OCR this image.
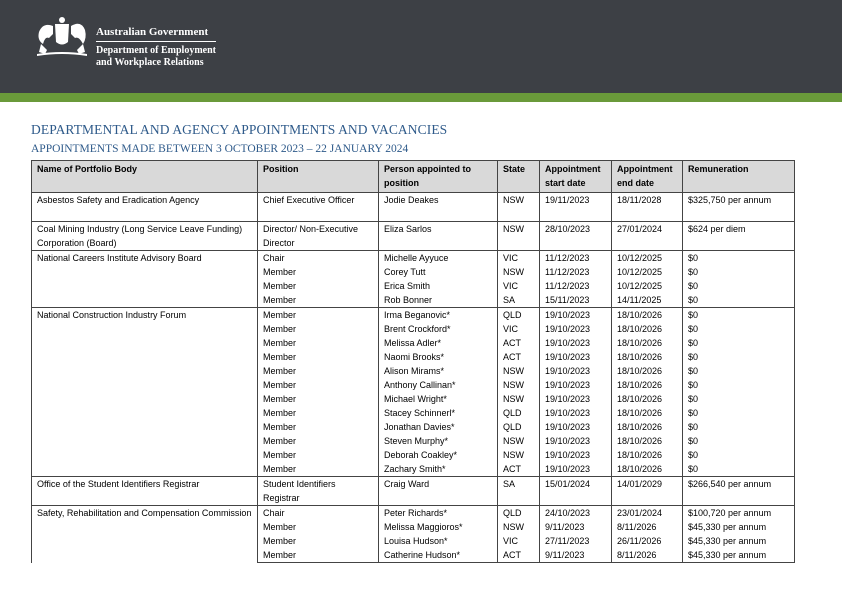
Australian Government
Department of Employment
and Workplace Relations
DEPARTMENTAL AND AGENCY APPOINTMENTS AND VACANCIES
APPOINTMENTS MADE BETWEEN 3 OCTOBER 2023 – 22 JANUARY 2024
Name of Portfolio Body	Position	Person appointed to position	State	Appointment start date	Appointment end date	Remuneration
Asbestos Safety and Eradication Agency	Chief Executive Officer	Jodie Deakes	NSW	19/11/2023	18/11/2028	$325,750 per annum
Coal Mining Industry (Long Service Leave Funding) Corporation (Board)	Director/ Non-Executive Director	Eliza Sarlos	NSW	28/10/2023	27/01/2024	$624 per diem
National Careers Institute Advisory Board	Chair	Michelle Ayyuce	VIC	11/12/2023	10/12/2025	$0
	Member	Corey Tutt	NSW	11/12/2023	10/12/2025	$0
	Member	Erica Smith	VIC	11/12/2023	10/12/2025	$0
	Member	Rob Bonner	SA	15/11/2023	14/11/2025	$0
National Construction Industry Forum	Member	Irma Beganovic*	QLD	19/10/2023	18/10/2026	$0
	Member	Brent Crockford*	VIC	19/10/2023	18/10/2026	$0
	Member	Melissa Adler*	ACT	19/10/2023	18/10/2026	$0
	Member	Naomi Brooks*	ACT	19/10/2023	18/10/2026	$0
	Member	Alison Mirams*	NSW	19/10/2023	18/10/2026	$0
	Member	Anthony Callinan*	NSW	19/10/2023	18/10/2026	$0
	Member	Michael Wright*	NSW	19/10/2023	18/10/2026	$0
	Member	Stacey Schinnerl*	QLD	19/10/2023	18/10/2026	$0
	Member	Jonathan Davies*	QLD	19/10/2023	18/10/2026	$0
	Member	Steven Murphy*	NSW	19/10/2023	18/10/2026	$0
	Member	Deborah Coakley*	NSW	19/10/2023	18/10/2026	$0
	Member	Zachary Smith*	ACT	19/10/2023	18/10/2026	$0
Office of the Student Identifiers Registrar	Student Identifiers Registrar	Craig Ward	SA	15/01/2024	14/01/2029	$266,540 per annum
Safety, Rehabilitation and Compensation Commission	Chair	Peter Richards*	QLD	24/10/2023	23/01/2024	$100,720 per annum
	Member	Melissa Maggioros*	NSW	9/11/2023	8/11/2026	$45,330 per annum
	Member	Louisa Hudson*	VIC	27/11/2023	26/11/2026	$45,330 per annum
	Member	Catherine Hudson*	ACT	9/11/2023	8/11/2026	$45,330 per annum
